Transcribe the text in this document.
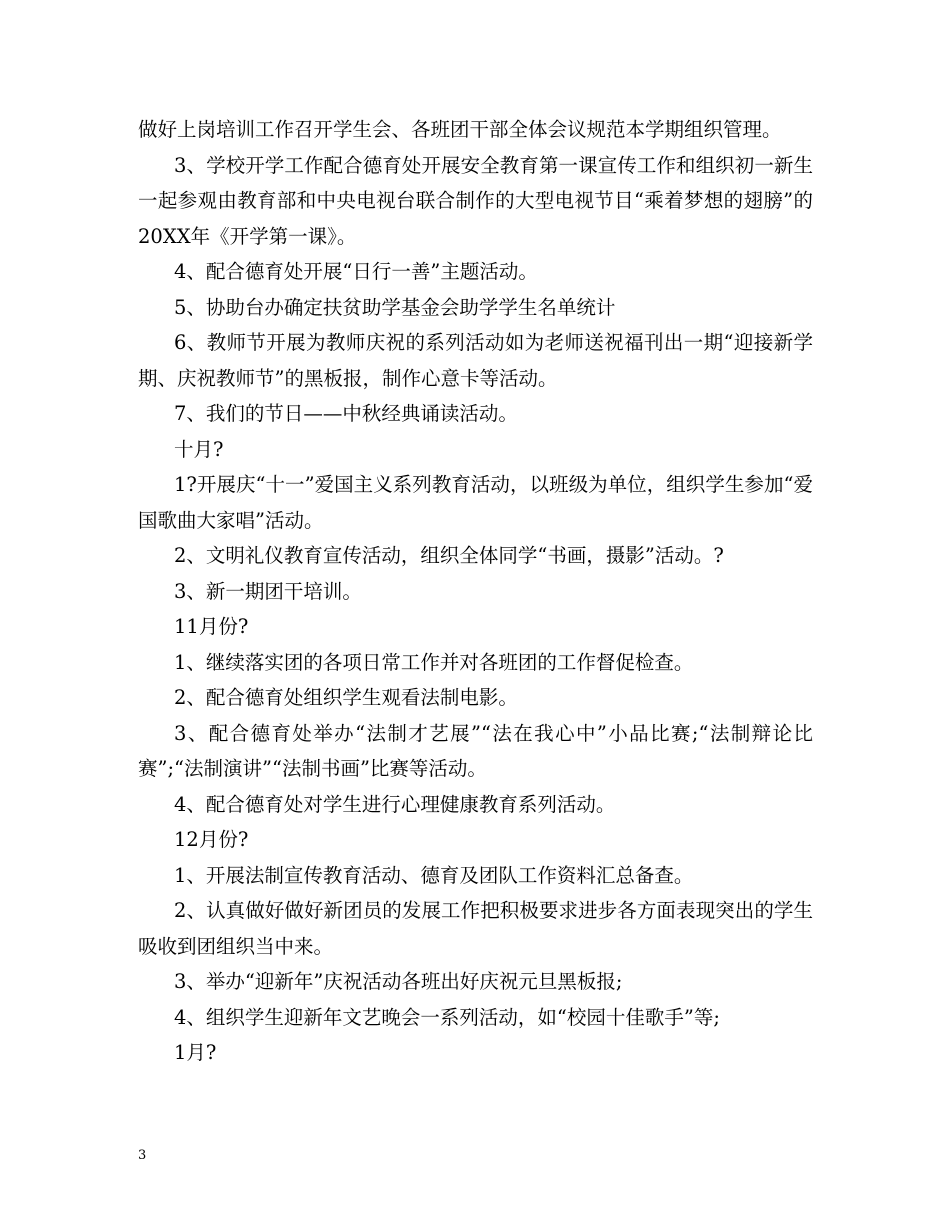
做好上岗培训工作召开学生会、各班团干部全体会议规范本学期组织管理。

3、学校开学工作配合德育处开展安全教育第一课宣传工作和组织初一新生一起参观由教育部和中央电视台联合制作的大型电视节目“乘着梦想的翅膀”的20XX年《开学第一课》。

4、配合德育处开展“日行一善”主题活动。

5、协助台办确定扶贫助学基金会助学学生名单统计

6、教师节开展为教师庆祝的系列活动如为老师送祝福刊出一期“迎接新学期、庆祝教师节”的黑板报，制作心意卡等活动。

7、我们的节日——中秋经典诵读活动。

十月?

1?开展庆“十一”爱国主义系列教育活动，以班级为单位，组织学生参加“爱国歌曲大家唱”活动。

2、文明礼仪教育宣传活动，组织全体同学“书画，摄影”活动。?

3、新一期团干培训。

11月份?

1、继续落实团的各项日常工作并对各班团的工作督促检查。

2、配合德育处组织学生观看法制电影。

3、配合德育处举办“法制才艺展”“法在我心中”小品比赛;“法制辩论比赛”;“法制演讲”“法制书画”比赛等活动。

4、配合德育处对学生进行心理健康教育系列活动。

12月份?

1、开展法制宣传教育活动、德育及团队工作资料汇总备查。

2、认真做好做好新团员的发展工作把积极要求进步各方面表现突出的学生吸收到团组织当中来。

3、举办“迎新年”庆祝活动各班出好庆祝元旦黑板报;

4、组织学生迎新年文艺晚会一系列活动，如“校园十佳歌手”等;

1月?

3
